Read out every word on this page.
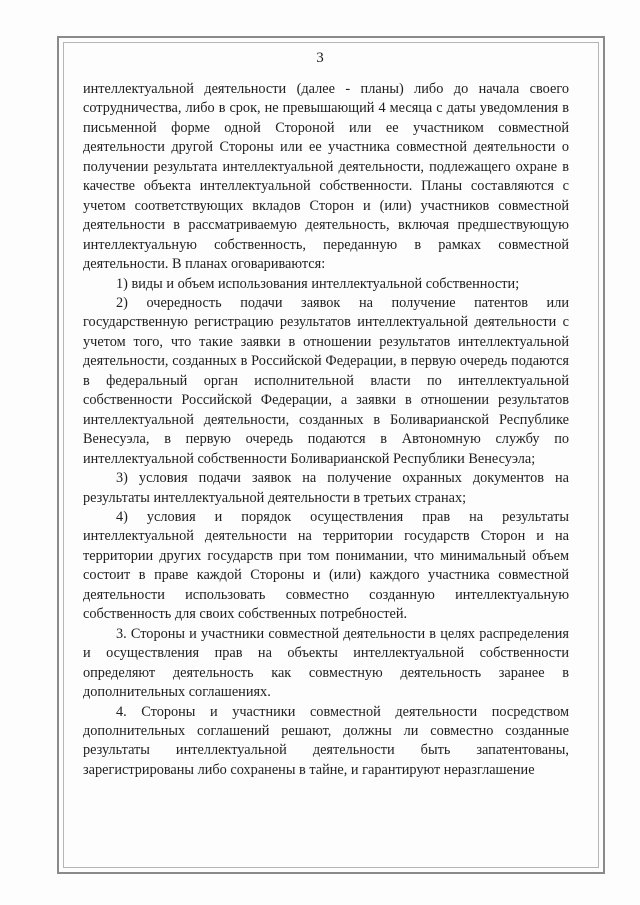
3

интеллектуальной деятельности (далее - планы) либо до начала своего сотрудничества, либо в срок, не превышающий 4 месяца с даты уведомления в письменной форме одной Стороной или ее участником совместной деятельности другой Стороны или ее участника совместной деятельности о получении результата интеллектуальной деятельности, подлежащего охране в качестве объекта интеллектуальной собственности. Планы составляются с учетом соответствующих вкладов Сторон и (или) участников совместной деятельности в рассматриваемую деятельность, включая предшествующую интеллектуальную собственность, переданную в рамках совместной деятельности. В планах оговариваются:

1) виды и объем использования интеллектуальной собственности;

2) очередность подачи заявок на получение патентов или государственную регистрацию результатов интеллектуальной деятельности с учетом того, что такие заявки в отношении результатов интеллектуальной деятельности, созданных в Российской Федерации, в первую очередь подаются в федеральный орган исполнительной власти по интеллектуальной собственности Российской Федерации, а заявки в отношении результатов интеллектуальной деятельности, созданных в Боливарианской Республике Венесуэла, в первую очередь подаются в Автономную службу по интеллектуальной собственности Боливарианской Республики Венесуэла;

3) условия подачи заявок на получение охранных документов на результаты интеллектуальной деятельности в третьих странах;

4) условия и порядок осуществления прав на результаты интеллектуальной деятельности на территории государств Сторон и на территории других государств при том понимании, что минимальный объем состоит в праве каждой Стороны и (или) каждого участника совместной деятельности использовать совместно созданную интеллектуальную собственность для своих собственных потребностей.

3. Стороны и участники совместной деятельности в целях распределения и осуществления прав на объекты интеллектуальной собственности определяют деятельность как совместную деятельность заранее в дополнительных соглашениях.

4. Стороны и участники совместной деятельности посредством дополнительных соглашений решают, должны ли совместно созданные результаты интеллектуальной деятельности быть запатентованы, зарегистрированы либо сохранены в тайне, и гарантируют неразглашение
